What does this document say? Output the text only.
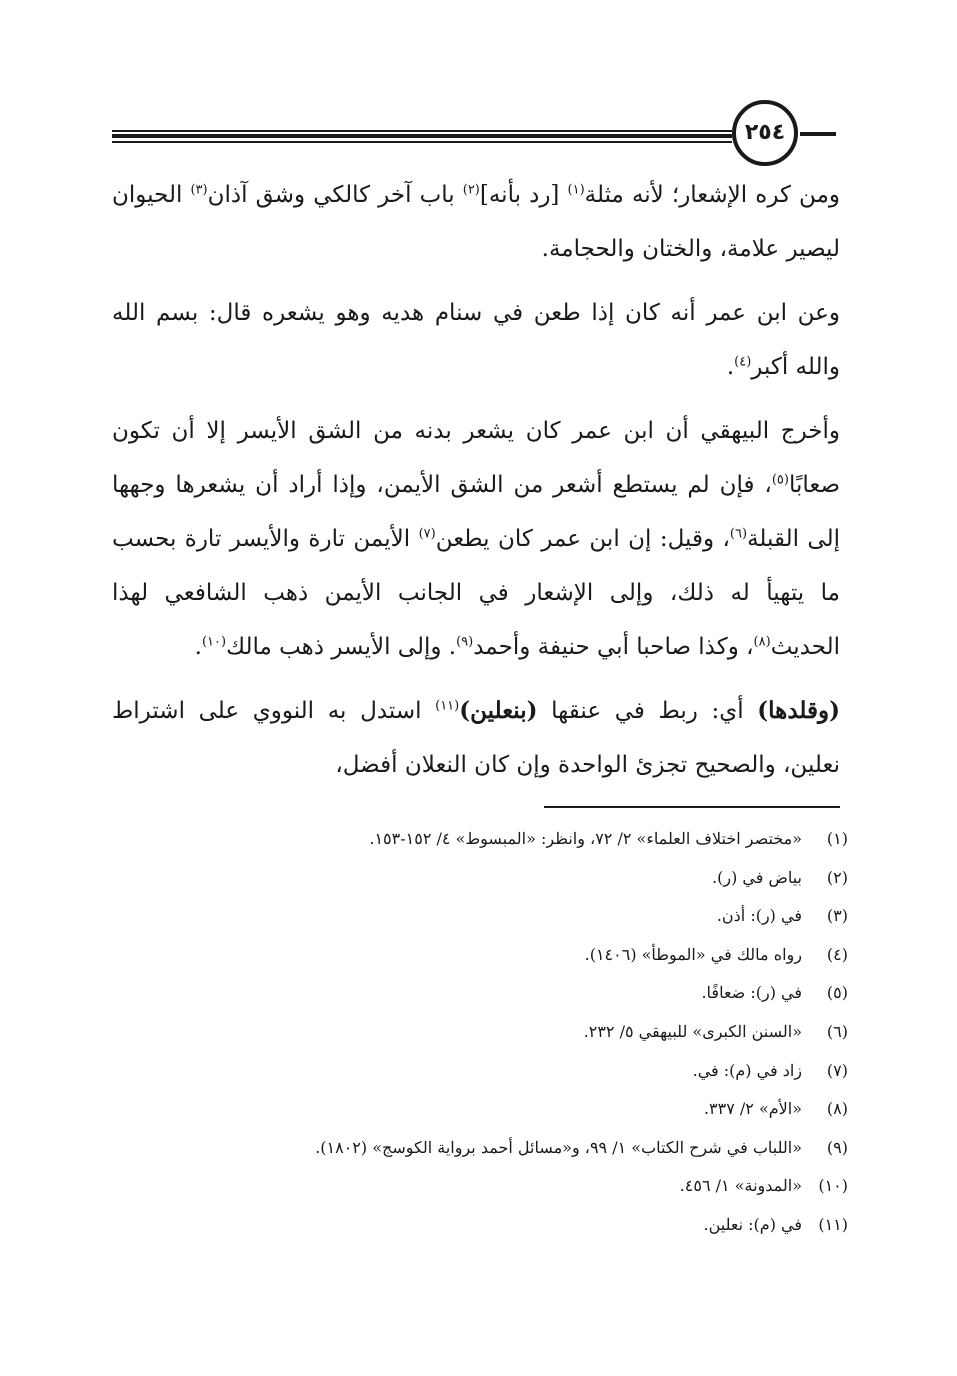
٢٥٤

ومن كره الإشعار؛ لأنه مثلة$^{(١)}$ [رد بأنه]$^{(٢)}$ باب آخر كالكي وشق آذان$^{(٣)}$ الحيوان ليصير علامة، والختان والحجامة.

وعن ابن عمر أنه كان إذا طعن في سنام هديه وهو يشعره قال: بسم الله والله أكبر$^{(٤)}$.

وأخرج البيهقي أن ابن عمر كان يشعر بدنه من الشق الأيسر إلا أن تكون صعابًا$^{(٥)}$، فإن لم يستطع أشعر من الشق الأيمن، وإذا أراد أن يشعرها وجهها إلى القبلة$^{(٦)}$، وقيل: إن ابن عمر كان يطعن$^{(٧)}$ الأيمن تارة والأيسر تارة بحسب ما يتهيأ له ذلك، وإلى الإشعار في الجانب الأيمن ذهب الشافعي لهذا الحديث$^{(٨)}$، وكذا صاحبا أبي حنيفة وأحمد$^{(٩)}$. وإلى الأيسر ذهب مالك$^{(١٠)}$.

(وقلدها) أي: ربط في عنقها (بنعلين)$^{(١١)}$ استدل به النووي على اشتراط نعلين، والصحيح تجزئ الواحدة وإن كان النعلان أفضل،

(١)«مختصر اختلاف العلماء» ٢/ ٧٢، وانظر: «المبسوط» ٤/ ١٥٢-١٥٣.
(٢)بياض في (ر).
(٣)في (ر): أذن.
(٤)رواه مالك في «الموطأ» (١٤٠٦).
(٥)في (ر): ضعافًا.
(٦)«السنن الكبرى» للبيهقي ٥/ ٢٣٢.
(٧)زاد في (م): في.
(٨)«الأم» ٢/ ٣٣٧.
(٩)«اللباب في شرح الكتاب» ١/ ٩٩، و«مسائل أحمد برواية الكوسج» (١٨٠٢).
(١٠)«المدونة» ١/ ٤٥٦.
(١١)في (م): نعلين.
